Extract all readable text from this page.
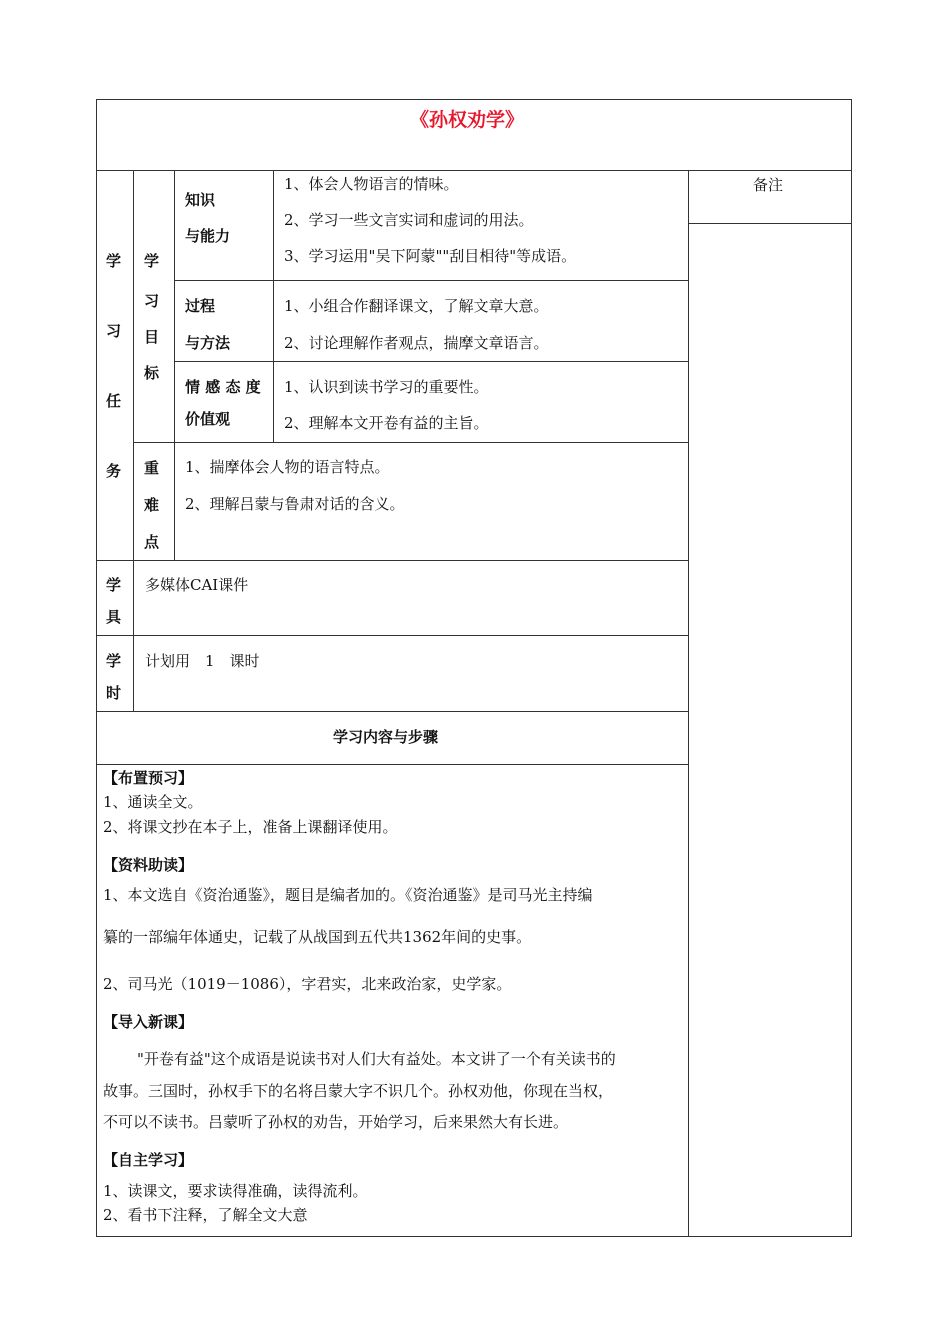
《孙权劝学》
备注
学
习
任
务
学
习
目
标
知识
与能力
1、体会人物语言的情味。
2、学习一些文言实词和虚词的用法。
3、学习运用"吴下阿蒙""刮目相待"等成语。
过程
与方法
1、小组合作翻译课文，了解文章大意。
2、讨论理解作者观点，揣摩文章语言。
情 感 态 度
价值观
1、认识到读书学习的重要性。
2、理解本文开卷有益的主旨。
重
难
点
1、揣摩体会人物的语言特点。
2、理解吕蒙与鲁肃对话的含义。
学
具
多媒体CAI课件
学
时
计划用　1　课时
学习内容与步骤
【布置预习】
1、通读全文。
2、将课文抄在本子上，准备上课翻译使用。
【资料助读】
1、本文选自《资治通鉴》，题目是编者加的。《资治通鉴》是司马光主持编
纂的一部编年体通史，记载了从战国到五代共1362年间的史事。
2、司马光（1019－1086），字君实，北来政治家，史学家。
【导入新课】
"开卷有益"这个成语是说读书对人们大有益处。本文讲了一个有关读书的
故事。三国时，孙权手下的名将吕蒙大字不识几个。孙权劝他，你现在当权，
不可以不读书。吕蒙听了孙权的劝告，开始学习，后来果然大有长进。
【自主学习】
1、读课文，要求读得准确，读得流利。
2、看书下注释，了解全文大意
